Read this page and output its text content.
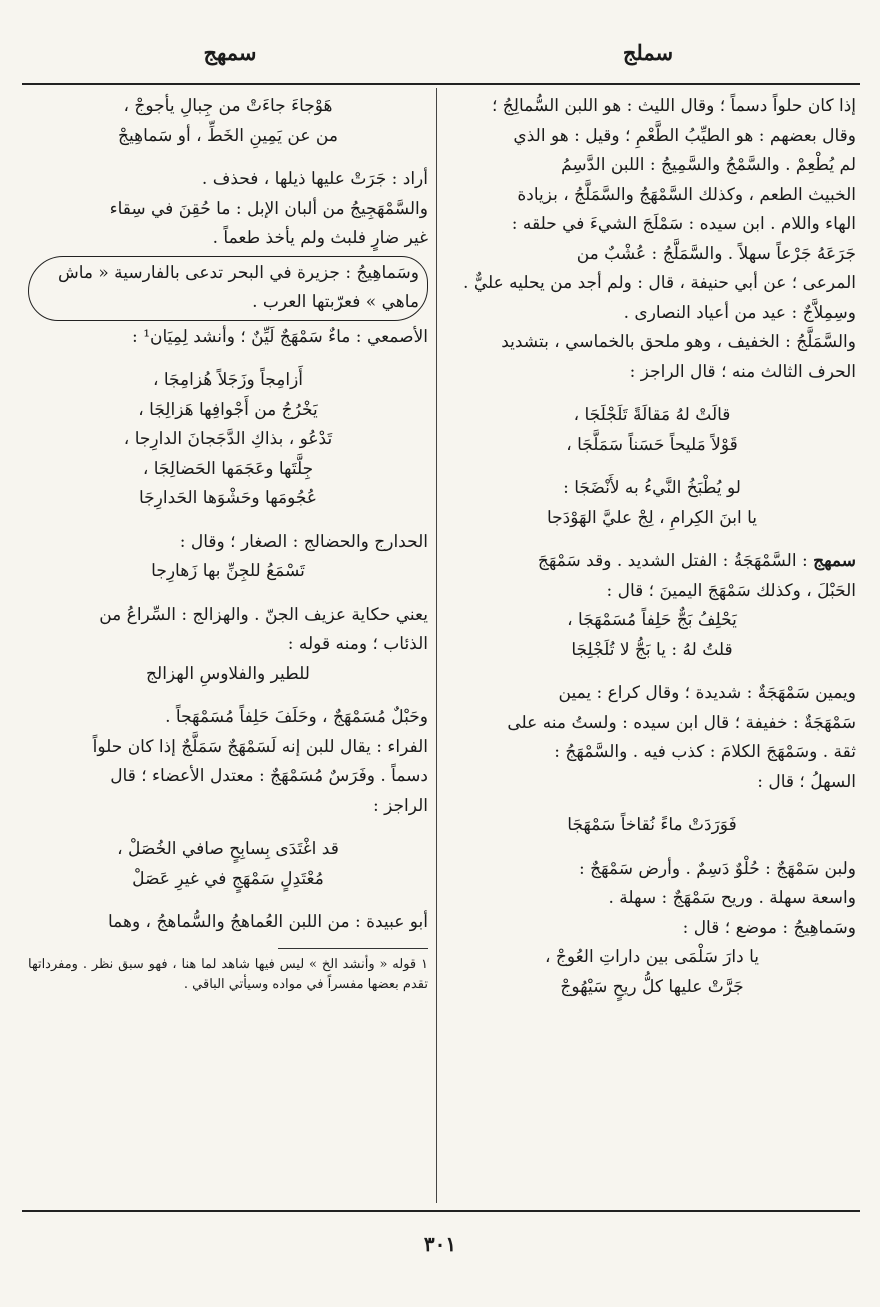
سملج
سمهج

إذا كان حلواً دسماً ؛ وقال الليث : هو اللبن السُّمالِجُ ؛

وقال بعضهم : هو الطيِّبُ الطَّعْمِ ؛ وقيل : هو الذي

لم يُطْعِمْ . والسَّمْجُ والسَّمِيجُ : اللبن الدَّسِمُ

الخبيث الطعم ، وكذلك السَّمْهَجُ والسَّمَلَّجُ ، بزيادة

الهاء واللام . ابن سيده : سَمْلَجَ الشيءَ في حلقه :

جَرَعَهُ جَرْعاً سهلاً . والسَّمَلَّجُ : عُشْبٌ من

المرعى ؛ عن أبي حنيفة ، قال : ولم أجد من يحليه عليٌّ .

وسِمِلاَّجٌ : عيد من أعياد النصارى .

والسَّمَلَّجُ : الخفيف ، وهو ملحق بالخماسي ، بتشديد

الحرف الثالث منه ؛ قال الراجز :

قالَتْ لهُ مَقالَةً تَلَجْلَجَا ،

قَوْلاً مَليحاً حَسَناً سَمَلَّجَا ،

لو يُطْبَخُ النَّيءُ به لأَنْضَجَا :

يا ابنَ الكِرامِ ، لِجْ عليَّ الهَوْدَجا

سمهج : السَّمْهَجَةُ : الفتل الشديد . وقد سَمْهَجَ

الحَبْلَ ، وكذلك سَمْهَجَ اليمينَ ؛ قال :

يَحْلِفُ بَجٌّ حَلِفاً مُسَمْهَجَا ،

قلتُ لهُ : يا بَجُّ لا تُلَجْلِجَا

ويمين سَمْهَجَةٌ : شديدة ؛ وقال كراع : يمين

سَمْهَجَةٌ : خفيفة ؛ قال ابن سيده : ولستُ منه على

ثقة . وسَمْهَجَ الكلامَ : كذب فيه . والسَّمْهَجُ :

السهلُ ؛ قال :

فَوَرَدَتْ ماءً نُقاخاً سَمْهَجَا

ولبن سَمْهَجٌ : حُلْوٌ دَسِمٌ . وأرض سَمْهَجٌ :

واسعة سهلة . وريح سَمْهَجٌ : سهلة .

وسَماهِيجُ : موضع ؛ قال :

يا دارَ سَلْمَى بين داراتِ العُوجْ ،

جَرَّتْ عليها كلُّ ريحٍ سَيْهُوجْ

هَوْجاءَ جاءَتْ من جِبالِ يأجوجْ ،

من عن يَمِينِ الخَطِّ ، أو سَماهِيجْ

أراد : جَرَتْ عليها ذيلها ، فحذف .

والسَّمْهَجِيجُ من ألبان الإبل : ما حُقِنَ في سِقاء

غير ضارٍ فلبث ولم يأخذ طعماً .

وسَماهِيجُ : جزيرة في البحر تدعى بالفارسية « ماش

ماهي » فعرّبتها العرب .

الأصمعي : ماءٌ سَمْهَجٌ لَيِّنٌ ؛ وأنشد لِمِيَان¹ :

أَزامِجاً وزَجَلاً هُزامِجَا ،

يَخْرُجُ من أَجْوافِها هَزالِجَا ،

تَدْعُو ، بذاكِ الدَّجَجانَ الدارِجا ،

جِلَّتَها وعَجَمَها الحَضالِجَا ،

عُجُومَها وحَشْوَها الحَدارِجَا

الحدارج والحضالج : الصغار ؛ وقال :

تَسْمَعُ للجِنِّ بها زَهارِجا

يعني حكاية عزيف الجنّ . والهزالج : السِّراعُ من

الذئاب ؛ ومنه قوله :

للطير والفلاوسِ الهزالج

وحَبْلٌ مُسَمْهَجٌ ، وحَلَفَ حَلِفاً مُسَمْهَجاً .

الفراء : يقال للبن إنه لَسَمْهَجٌ سَمَلَّجٌ إذا كان حلواً

دسماً . وفَرَسٌ مُسَمْهَجٌ : معتدل الأعضاء ؛ قال

الراجز :

قد اغْتَدَى بِسابِحٍ صافي الخُصَلْ ،

مُعْتَدِلٍ سَمْهَجٍ في غيرِ عَصَلْ

أبو عبيدة : من اللبن العُماهجُ والسُّماهجُ ، وهما

١ قوله « وأنشد الخ » ليس فيها شاهد لما هنا ، فهو سبق نظر . ومفرداتها تقدم بعضها مفسراً في مواده وسيأتي الباقي .

٣٠١
